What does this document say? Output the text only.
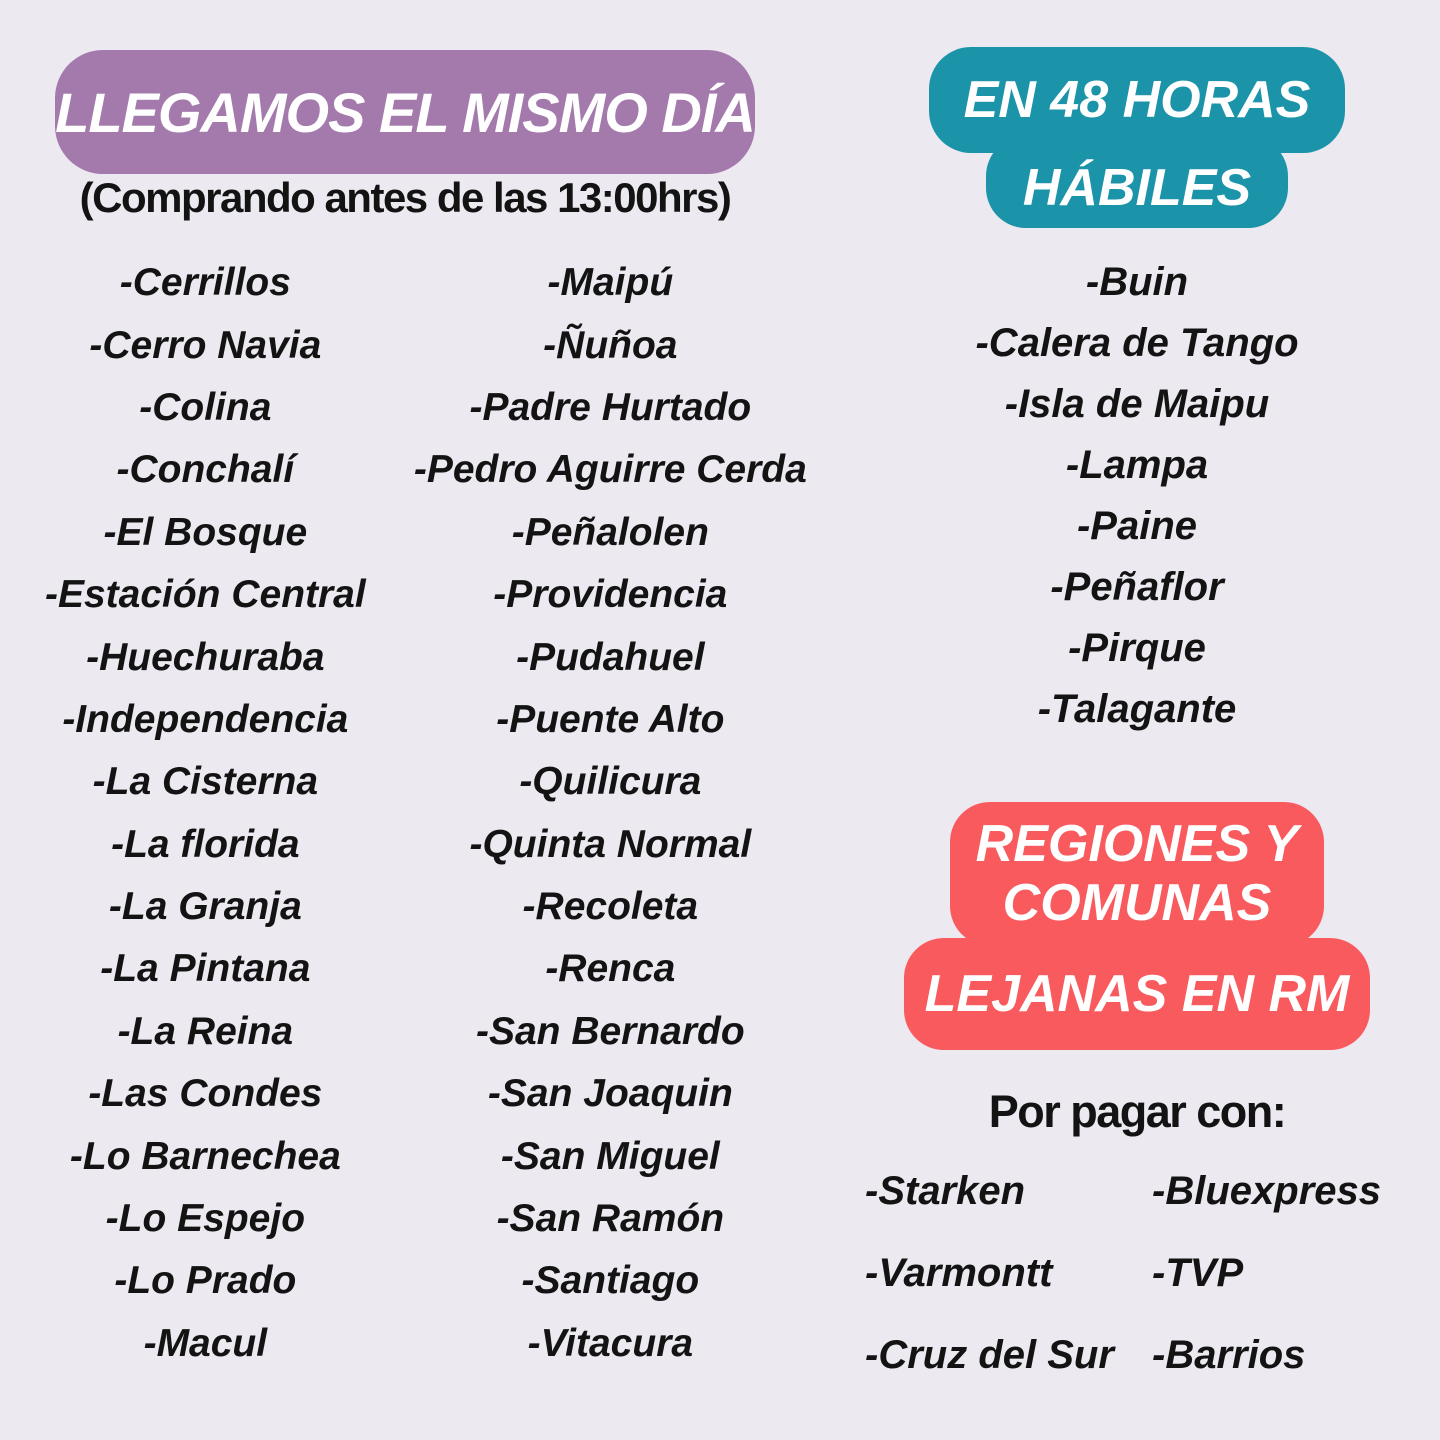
LLEGAMOS EL MISMO DÍA
(Comprando antes de las 13:00hrs)
-Cerrillos
-Cerro Navia
-Colina
-Conchalí
-El Bosque
-Estación Central
-Huechuraba
-Independencia
-La Cisterna
-La florida
-La Granja
-La Pintana
-La Reina
-Las Condes
-Lo Barnechea
-Lo Espejo
-Lo Prado
-Macul
-Maipú
-Ñuñoa
-Padre Hurtado
-Pedro Aguirre Cerda
-Peñalolen
-Providencia
-Pudahuel
-Puente Alto
-Quilicura
-Quinta Normal
-Recoleta
-Renca
-San Bernardo
-San Joaquin
-San Miguel
-San Ramón
-Santiago
-Vitacura
EN 48 HORAS
HÁBILES
-Buin
-Calera de Tango
-Isla de Maipu
-Lampa
-Paine
-Peñaflor
-Pirque
-Talagante
REGIONES Y
COMUNAS
LEJANAS EN RM
Por pagar con:
-Starken
-Varmontt
-Cruz del Sur
-Bluexpress
-TVP
-Barrios
